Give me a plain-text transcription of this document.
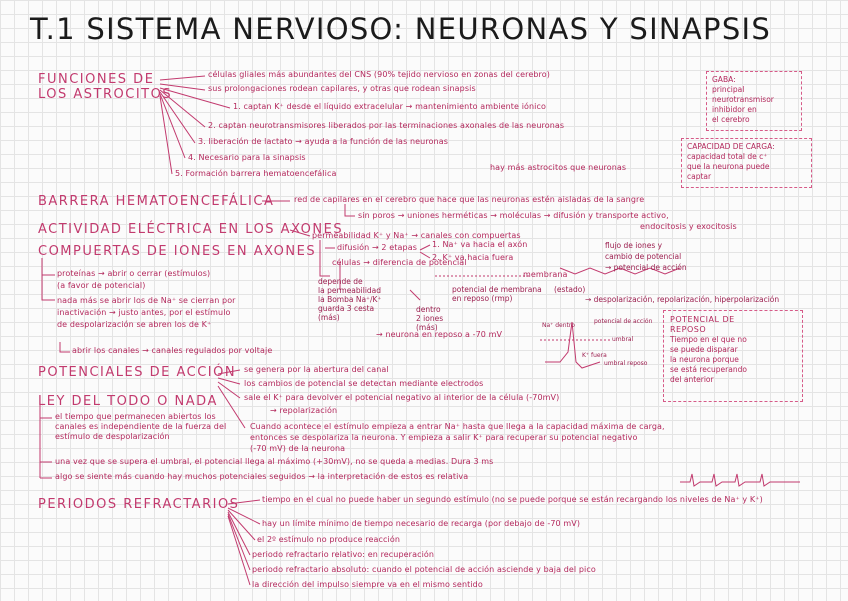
T.1 SISTEMA NERVIOSO: NEURONAS Y SINAPSIS
FUNCIONES DE
LOS ASTROCITOS
células gliales más abundantes del CNS (90% tejido nervioso en zonas del cerebro)
sus prolongaciones rodean capilares, y otras que rodean sinapsis
1. captan K⁺ desde el líquido extracelular → mantenimiento ambiente iónico
2. captan neurotransmisores liberados por las terminaciones axonales de las neuronas
3. liberación de lactato → ayuda a la función de las neuronas
4. Necesario para la sinapsis
5. Formación barrera hematoencefálica
hay más astrocitos que neuronas
GABA:
principal
neurotransmisor
inhibidor en
el cerebro
CAPACIDAD DE CARGA:
capacidad total de c⁺
que la neurona puede
captar
BARRERA HEMATOENCEFÁLICA red de capilares en el cerebro que hace que las neuronas estén aisladas de la sangre
sin poros → uniones herméticas → moléculas → difusión y transporte activo,
endocitosis y exocitosis
ACTIVIDAD ELÉCTRICA EN LOS AXONES
permeabilidad K⁺ y Na⁺ → canales con compuertas
difusión → 2 etapas 1. Na⁺ va hacia el axón
2. K⁺ va hacia fuera
células → diferencia de potencial
membrana
depende de
la permeabilidad
la Bomba Na⁺/K⁺
guarda 3 cesta
(más)
dentro
2 iones
(más)
potencial de membrana
en reposo (rmp)
→ neurona en reposo a -70 mV
flujo de iones y
cambio de potencial
→ potencial de acción
(estado)
→ despolarización, repolarización, hiperpolarización
Na⁺ dentro
umbral
potencial de acción
K⁺ fuera
umbral reposo
POTENCIAL DE
REPOSO
Tiempo en el que no
se puede disparar
la neurona porque
se está recuperando
del anterior
COMPUERTAS DE IONES EN AXONES
proteínas → abrir o cerrar (estímulos)
(a favor de potencial)
nada más se abrir los de Na⁺ se cierran por
inactivación → justo antes, por el estímulo
de despolarización se abren los de K⁺
abrir los canales → canales regulados por voltaje
POTENCIALES DE ACCIÓN se genera por la abertura del canal
los cambios de potencial se detectan mediante electrodos
sale el K⁺ para devolver el potencial negativo al interior de la célula (-70mV)
→ repolarización
Cuando acontece el estímulo empieza a entrar Na⁺ hasta que llega a la capacidad máxima de carga,
entonces se despolariza la neurona. Y empieza a salir K⁺ para recuperar su potencial negativo
(-70 mV) de la neurona
LEY DEL TODO O NADA
el tiempo que permanecen abiertos los canales es independiente de la fuerza del estímulo de despolarización
una vez que se supera el umbral, el potencial llega al máximo (+30mV), no se queda a medias. Dura 3 ms
algo se siente más cuando hay muchos potenciales seguidos → la interpretación de estos es relativa
PERIODOS REFRACTARIOS	tiempo en el cual no puede haber un segundo estímulo (no se puede porque se están recargando los niveles de Na⁺ y K⁺)
hay un límite mínimo de tiempo necesario de recarga (por debajo de -70 mV)
el 2º estímulo no produce reacción
periodo refractario relativo: en recuperación
periodo refractario absoluto: cuando el potencial de acción asciende y baja del pico
la dirección del impulso siempre va en el mismo sentido
